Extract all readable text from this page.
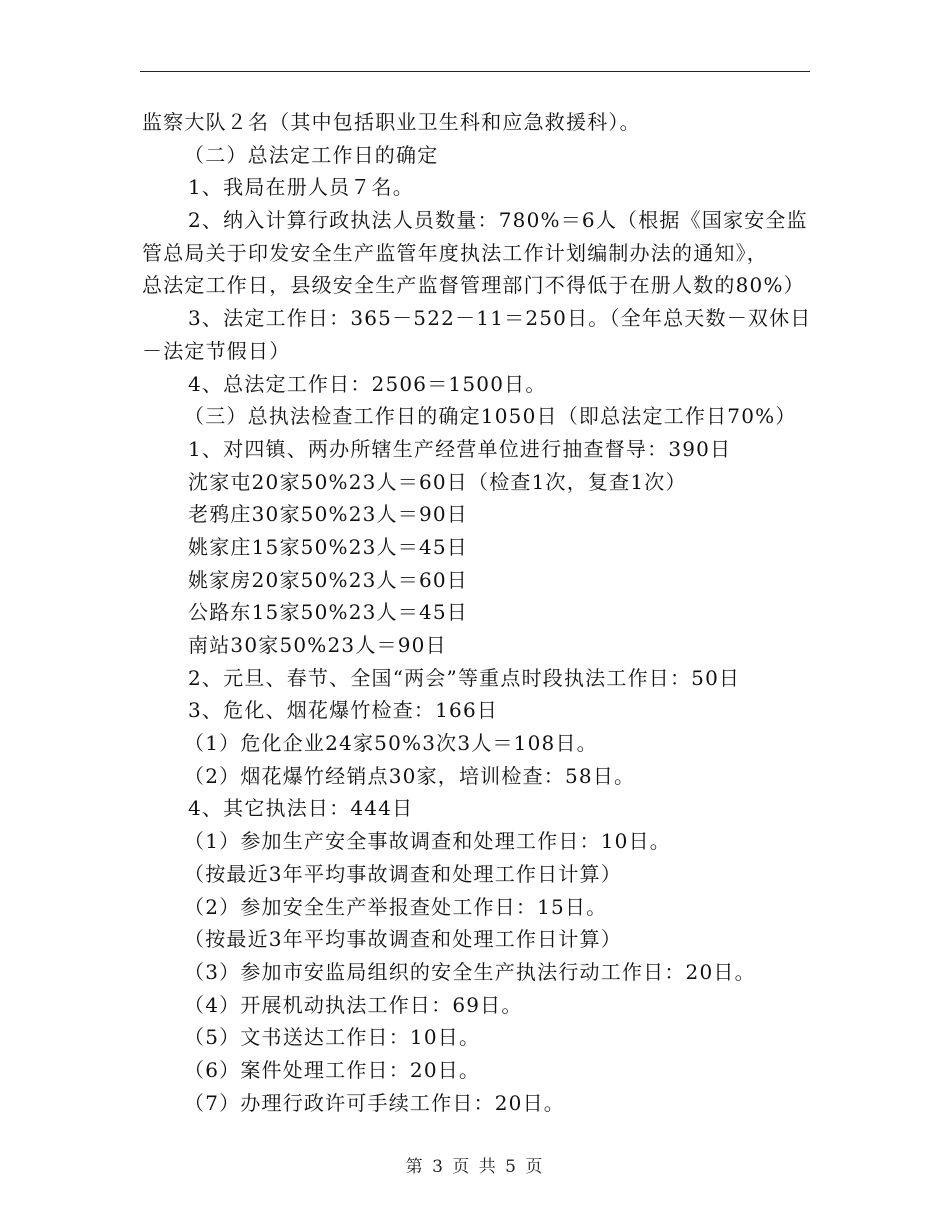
监察大队２名（其中包括职业卫生科和应急救援科）。
（二）总法定工作日的确定
1、我局在册人员７名。
2、纳入计算行政执法人员数量：780%＝6人（根据《国家安全监
管总局关于印发安全生产监管年度执法工作计划编制办法的通知》，
总法定工作日，县级安全生产监督管理部门不得低于在册人数的80%）
3、法定工作日：365－522－11＝250日。（全年总天数－双休日
－法定节假日）
4、总法定工作日：2506＝1500日。
（三）总执法检查工作日的确定1050日（即总法定工作日70%）
1、对四镇、两办所辖生产经营单位进行抽查督导：390日
沈家屯20家50%23人＝60日（检查1次，复查1次）
老鸦庄30家50%23人＝90日
姚家庄15家50%23人＝45日
姚家房20家50%23人＝60日
公路东15家50%23人＝45日
南站30家50%23人＝90日
2、元旦、春节、全国“两会”等重点时段执法工作日：50日
3、危化、烟花爆竹检查：166日
（1）危化企业24家50%3次3人＝108日。
（2）烟花爆竹经销点30家，培训检查：58日。
4、其它执法日：444日
（1）参加生产安全事故调查和处理工作日：10日。
（按最近3年平均事故调查和处理工作日计算）
（2）参加安全生产举报查处工作日：15日。
（按最近3年平均事故调查和处理工作日计算）
（3）参加市安监局组织的安全生产执法行动工作日：20日。
（4）开展机动执法工作日：69日。
（5）文书送达工作日：10日。
（6）案件处理工作日：20日。
（7）办理行政许可手续工作日：20日。
第 3 页 共 5 页
